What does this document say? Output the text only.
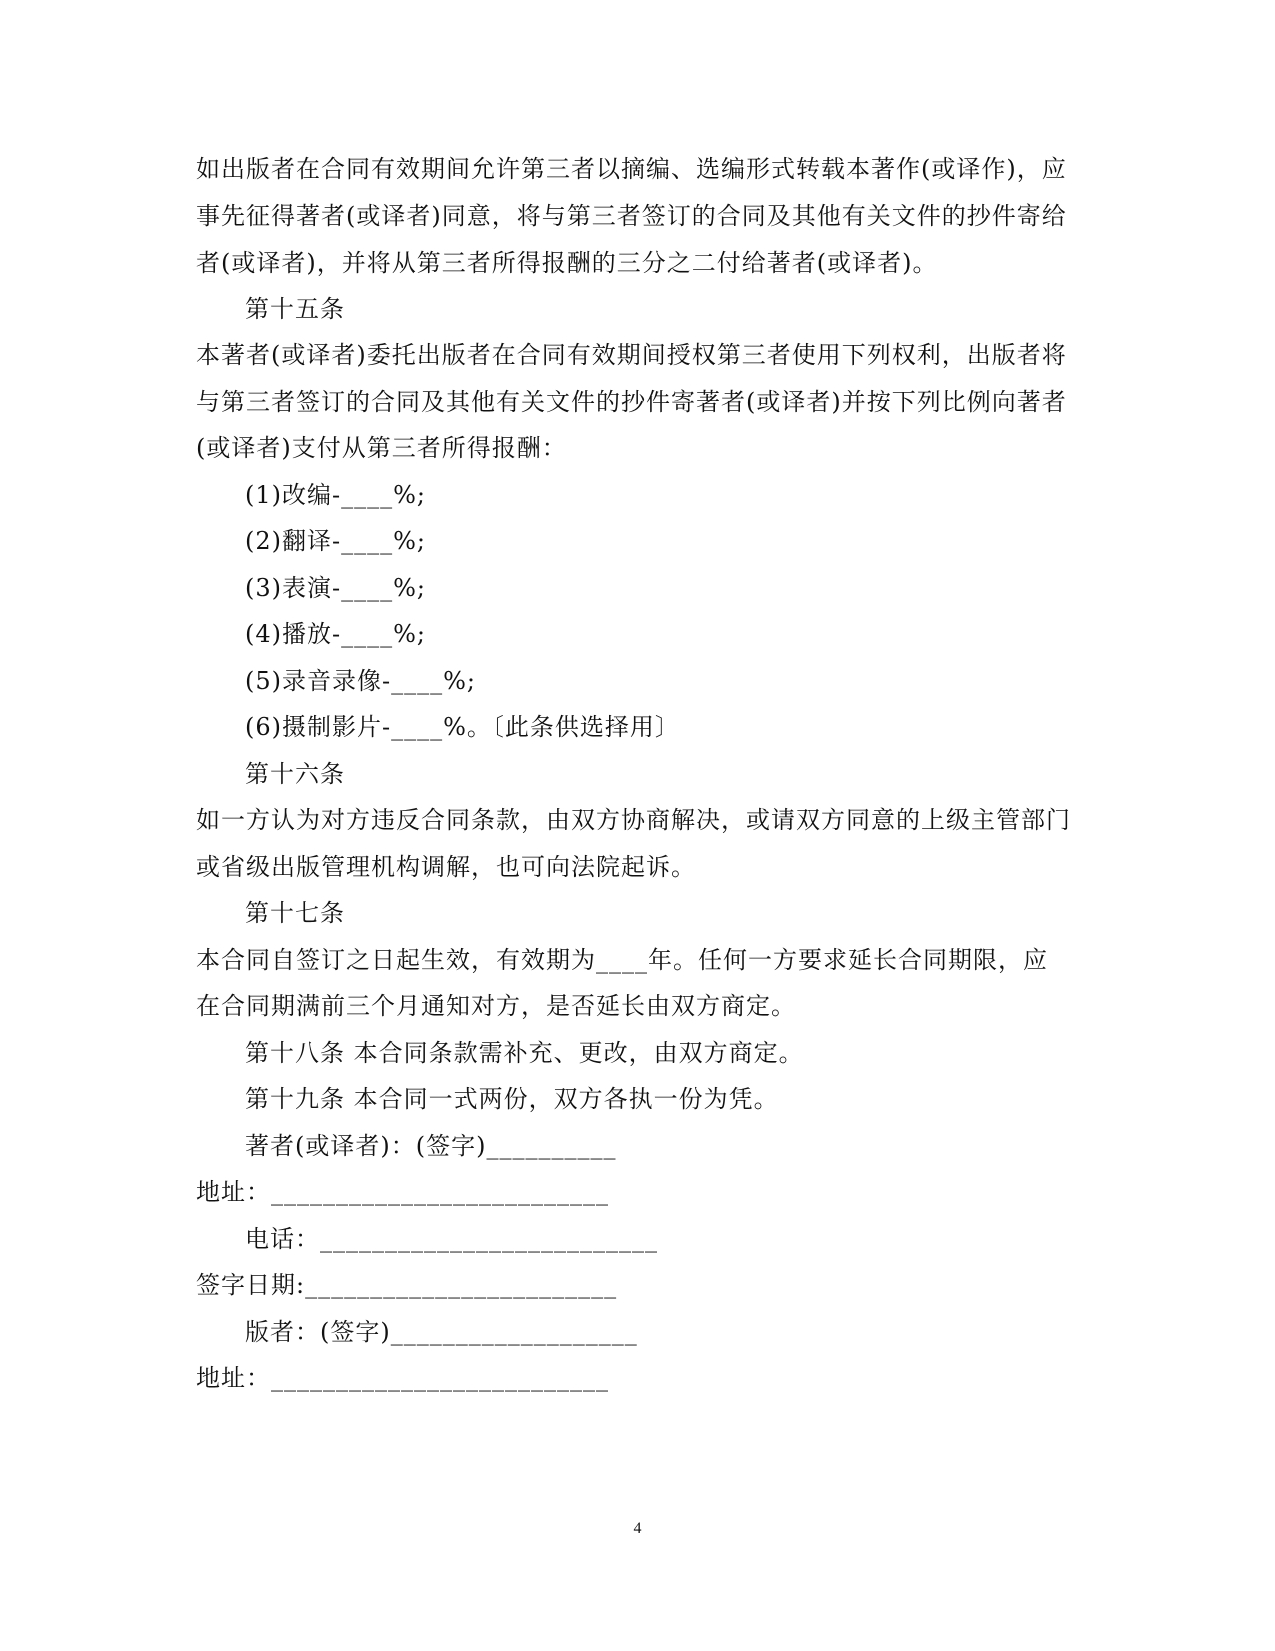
如出版者在合同有效期间允许第三者以摘编、选编形式转载本著作(或译作)，应
事先征得著者(或译者)同意，将与第三者签订的合同及其他有关文件的抄件寄给
者(或译者)，并将从第三者所得报酬的三分之二付给著者(或译者)。
第十五条
本著者(或译者)委托出版者在合同有效期间授权第三者使用下列权利，出版者将
与第三者签订的合同及其他有关文件的抄件寄著者(或译者)并按下列比例向著者
(或译者)支付从第三者所得报酬：
(1)改编-____%;
(2)翻译-____%;
(3)表演-____%;
(4)播放-____%;
(5)录音录像-____%;
(6)摄制影片-____%。〔此条供选择用〕
第十六条
如一方认为对方违反合同条款，由双方协商解决，或请双方同意的上级主管部门
或省级出版管理机构调解，也可向法院起诉。
第十七条
本合同自签订之日起生效，有效期为____年。任何一方要求延长合同期限，应
在合同期满前三个月通知对方，是否延长由双方商定。
第十八条 本合同条款需补充、更改，由双方商定。
第十九条 本合同一式两份，双方各执一份为凭。
著者(或译者)：(签字)__________
地址：__________________________
电话：__________________________
签字日期:________________________
版者：(签字)___________________
地址：__________________________
4
